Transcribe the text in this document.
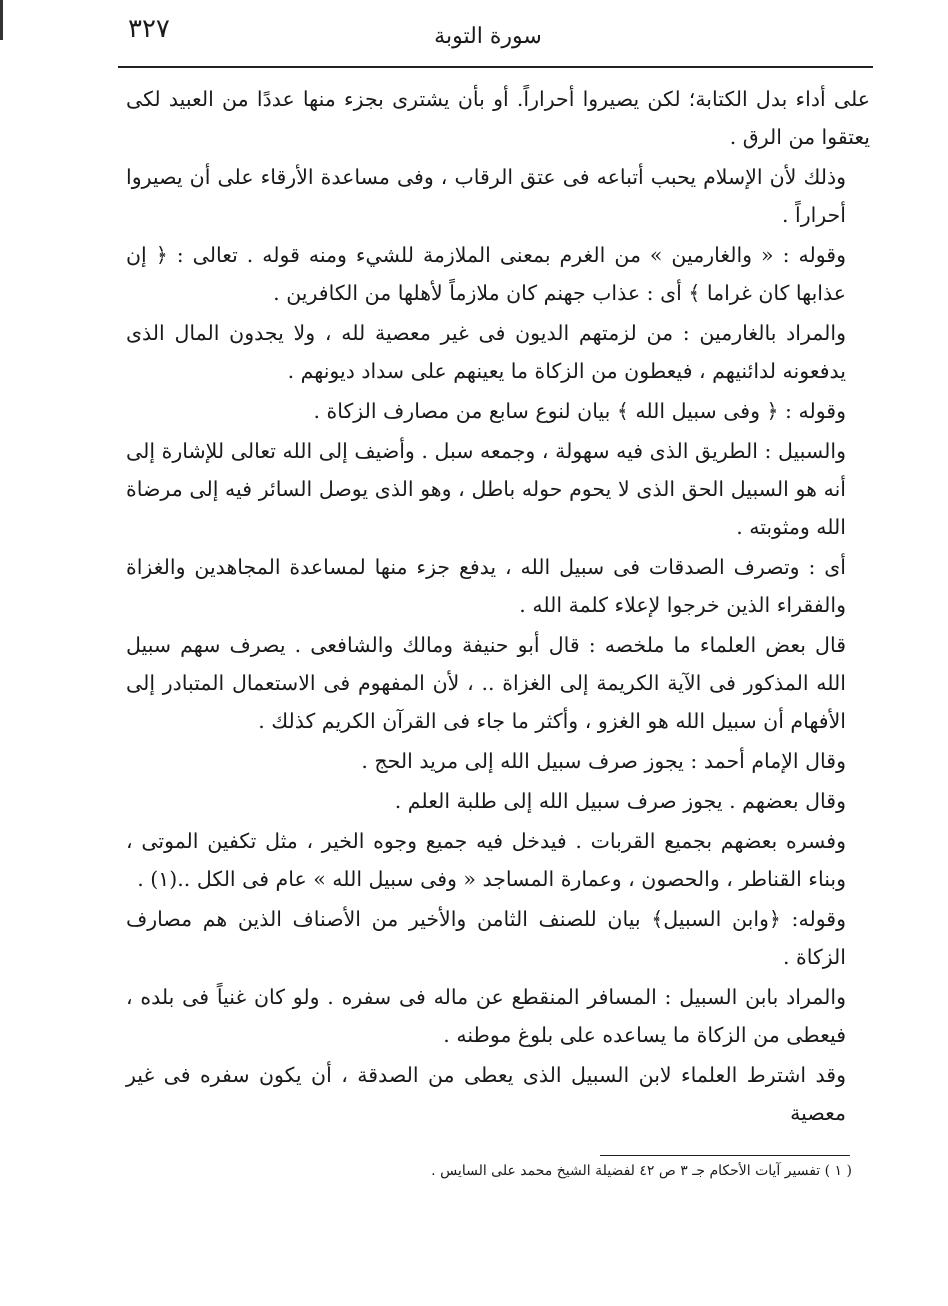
٣٢٧	سورة التوبة

على أداء بدل الكتابة؛ لكن يصيروا أحراراً. أو بأن يشترى بجزء منها عددًا من العبيد لكى يعتقوا من الرق .

وذلك لأن الإسلام يحبب أتباعه فى عتق الرقاب ، وفى مساعدة الأرقاء على أن يصيروا أحراراً .

وقوله : « والغارمين » من الغرم بمعنى الملازمة للشيء ومنه قوله . تعالى : ﴿ إن عذابها كان غراما ﴾ أى : عذاب جهنم كان ملازماً لأهلها من الكافرين .

والمراد بالغارمين : من لزمتهم الديون فى غير معصية لله ، ولا يجدون المال الذى يدفعونه لدائنيهم ، فيعطون من الزكاة ما يعينهم على سداد ديونهم .

وقوله : ﴿ وفى سبيل الله ﴾ بيان لنوع سابع من مصارف الزكاة .

والسبيل : الطريق الذى فيه سهولة ، وجمعه سبل . وأضيف إلى الله تعالى للإشارة إلى أنه هو السبيل الحق الذى لا يحوم حوله باطل ، وهو الذى يوصل السائر فيه إلى مرضاة الله ومثوبته .

أى : وتصرف الصدقات فى سبيل الله ، يدفع جزء منها لمساعدة المجاهدين والغزاة والفقراء الذين خرجوا لإعلاء كلمة الله .

قال بعض العلماء ما ملخصه : قال أبو حنيفة ومالك والشافعى . يصرف سهم سبيل الله المذكور فى الآية الكريمة إلى الغزاة .. ، لأن المفهوم فى الاستعمال المتبادر إلى الأفهام أن سبيل الله هو الغزو ، وأكثر ما جاء فى القرآن الكريم كذلك .

وقال الإمام أحمد : يجوز صرف سبيل الله إلى مريد الحج .

وقال بعضهم . يجوز صرف سبيل الله إلى طلبة العلم .

وفسره بعضهم بجميع القربات . فيدخل فيه جميع وجوه الخير ، مثل تكفين الموتى ، وبناء القناطر ، والحصون ، وعمارة المساجد « وفى سبيل الله » عام فى الكل ..(١) .

وقوله: ﴿وابن السبيل﴾ بيان للصنف الثامن والأخير من الأصناف الذين هم مصارف الزكاة .

والمراد بابن السبيل : المسافر المنقطع عن ماله فى سفره . ولو كان غنياً فى بلده ، فيعطى من الزكاة ما يساعده على بلوغ موطنه .

وقد اشترط العلماء لابن السبيل الذى يعطى من الصدقة ، أن يكون سفره فى غير معصية

( ١ ) تفسير آيات الأحكام جـ ٣ ص ٤٢ لفضيلة الشيخ محمد على السايس .
